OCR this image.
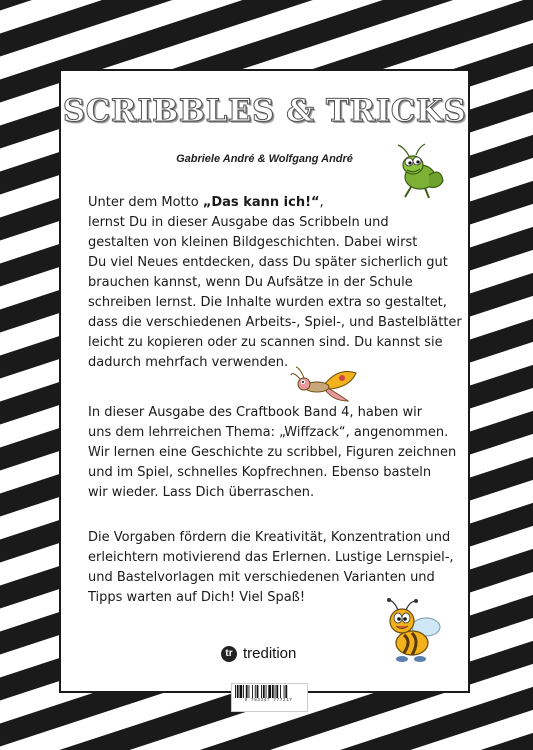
SCRIBBLES & TRICKS

Gabriele André & Wolfgang André

Unter dem Motto „Das kann ich!“,
lernst Du in dieser Ausgabe das Scribbeln und
gestalten von kleinen Bildgeschichten. Dabei wirst
Du viel Neues entdecken, dass Du später sicherlich gut
brauchen kannst, wenn Du Aufsätze in der Schule
schreiben lernst. Die Inhalte wurden extra so gestaltet,
dass die verschiedenen Arbeits-, Spiel-, und Bastelblätter
leicht zu kopieren oder zu scannen sind. Du kannst sie
dadurch mehrfach verwenden.

In dieser Ausgabe des Craftbook Band 4, haben wir
uns dem lehrreichen Thema: „Wiffzack“, angenommen.
Wir lernen eine Geschichte zu scribbel, Figuren zeichnen
und im Spiel, schnelles Kopfrechnen. Ebenso basteln
wir wieder. Lass Dich überraschen.

Die Vorgaben fördern die Kreativität, Konzentration und
erleichtern motivierend das Erlernen. Lustige Lernspiel-,
und Bastelvorlagen mit verschiedenen Varianten und
Tipps warten auf Dich! Viel Spaß!

tr tredition
9 783347 777217
